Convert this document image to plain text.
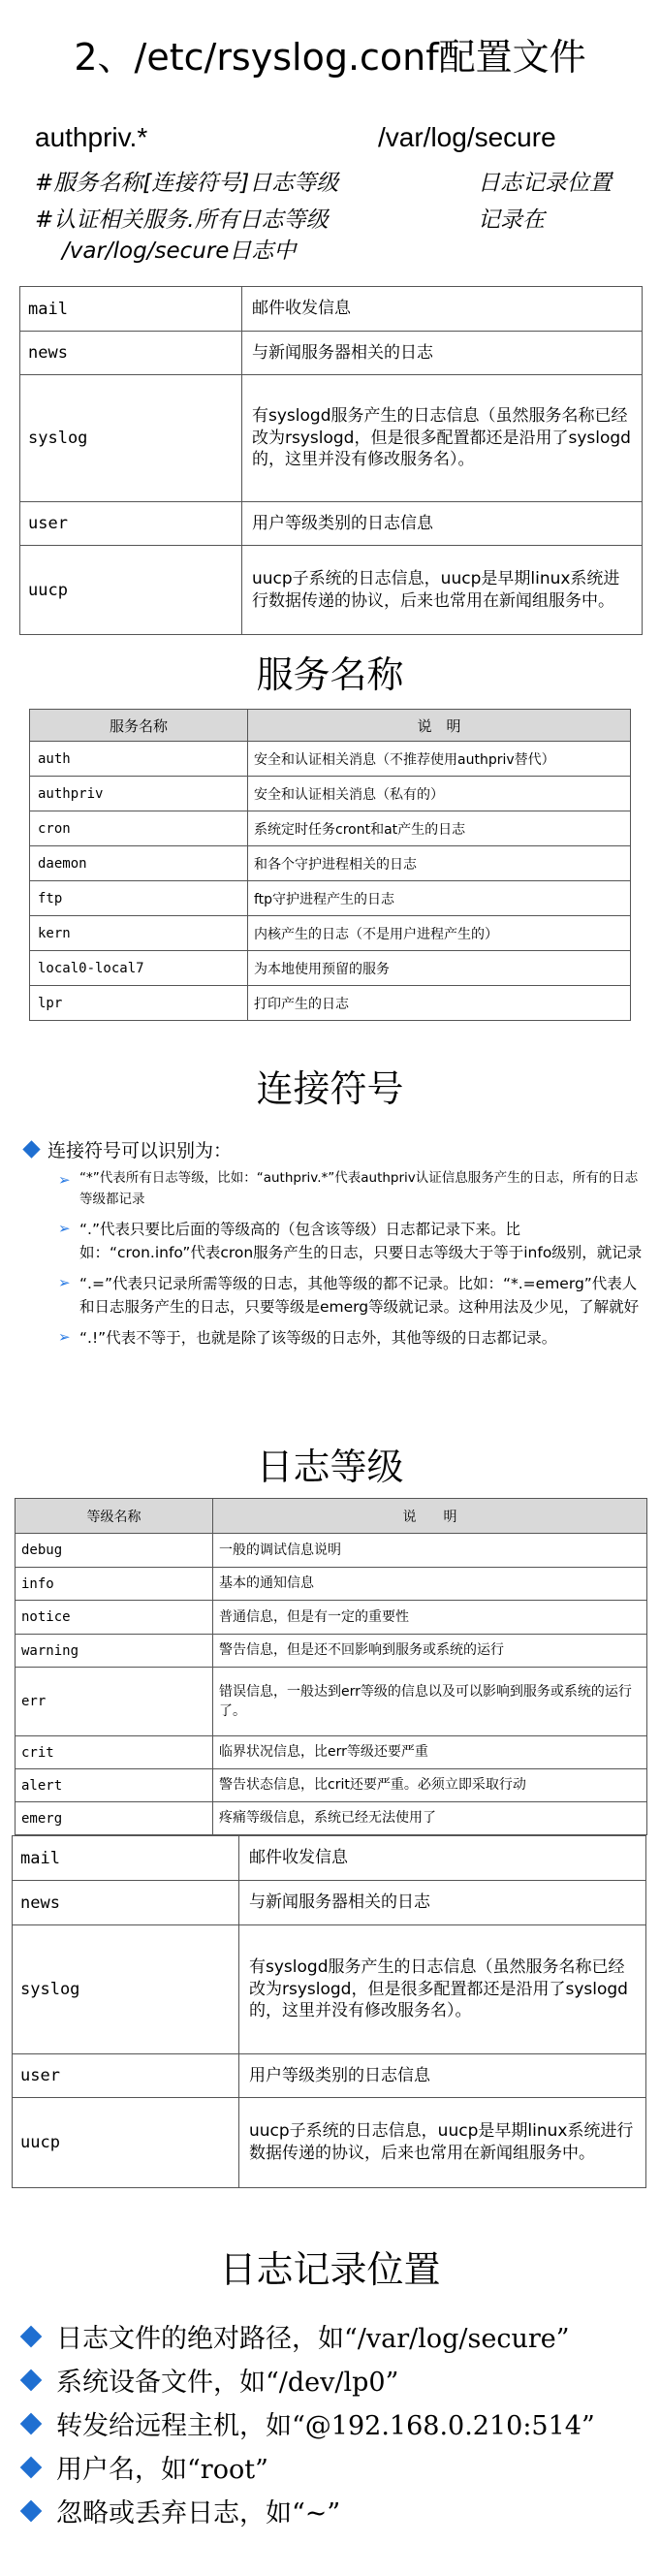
2、/etc/rsyslog.conf配置文件
authpriv.*	/var/log/secure
#服务名称[连接符号]日志等级	日志记录位置
#认证相关服务.所有日志等级	记录在
/var/log/secure日志中
mail	邮件收发信息
news	与新闻服务器相关的日志
syslog	有syslogd服务产生的日志信息（虽然服务名称已经改为rsyslogd，但是很多配置都还是沿用了syslogd的，这里并没有修改服务名）。
user	用户等级类别的日志信息
uucp	uucp子系统的日志信息，uucp是早期linux系统进行数据传递的协议，后来也常用在新闻组服务中。
服务名称
服务名称	说　明
auth	安全和认证相关消息（不推荐使用authpriv替代）
authpriv	安全和认证相关消息（私有的）
cron	系统定时任务cront和at产生的日志
daemon	和各个守护进程相关的日志
ftp	ftp守护进程产生的日志
kern	内核产生的日志（不是用户进程产生的）
local0-local7	为本地使用预留的服务
lpr	打印产生的日志
连接符号
连接符号可以识别为：
➢ “*”代表所有日志等级，比如：“authpriv.*”代表authpriv认证信息服务产生的日志，所有的日志等级都记录
➢ “.”代表只要比后面的等级高的（包含该等级）日志都记录下来。比如：“cron.info”代表cron服务产生的日志，只要日志等级大于等于info级别，就记录
➢ “.=”代表只记录所需等级的日志，其他等级的都不记录。比如：“*.=emerg”代表人和日志服务产生的日志，只要等级是emerg等级就记录。这种用法及少见，了解就好
➢ “.!”代表不等于，也就是除了该等级的日志外，其他等级的日志都记录。
日志等级
等级名称	说　　明
debug	一般的调试信息说明
info	基本的通知信息
notice	普通信息，但是有一定的重要性
warning	警告信息，但是还不回影响到服务或系统的运行
err	错误信息，一般达到err等级的信息以及可以影响到服务或系统的运行了。
crit	临界状况信息，比err等级还要严重
alert	警告状态信息，比crit还要严重。必须立即采取行动
emerg	疼痛等级信息，系统已经无法使用了
mail	邮件收发信息
news	与新闻服务器相关的日志
syslog	有syslogd服务产生的日志信息（虽然服务名称已经改为rsyslogd，但是很多配置都还是沿用了syslogd的，这里并没有修改服务名）。
user	用户等级类别的日志信息
uucp	uucp子系统的日志信息，uucp是早期linux系统进行数据传递的协议，后来也常用在新闻组服务中。
日志记录位置
日志文件的绝对路径，如“/var/log/secure”
系统设备文件，如“/dev/lp0”
转发给远程主机，如“@192.168.0.210:514”
用户名，如“root”
忽略或丢弃日志，如“~”
